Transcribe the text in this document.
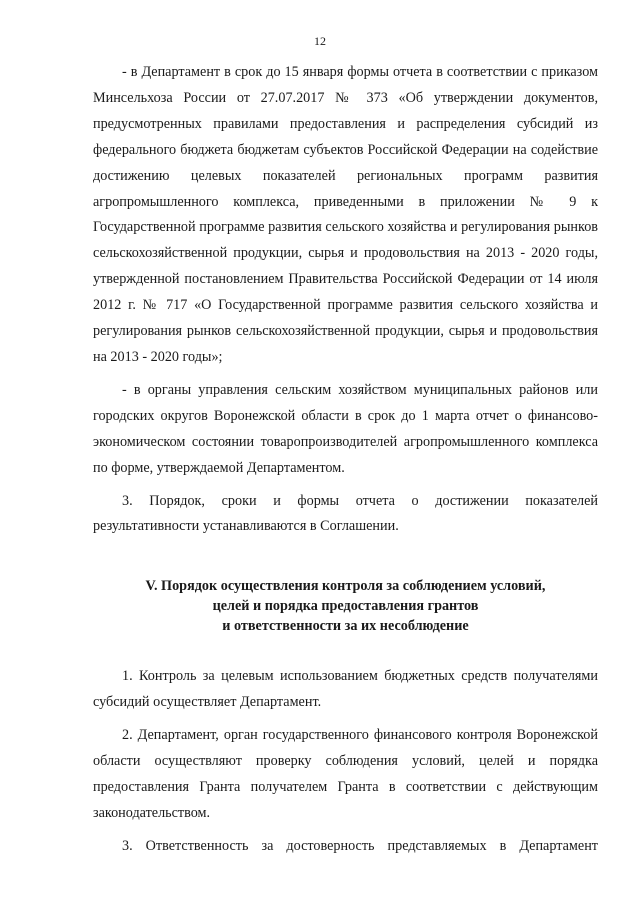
12

- в Департамент в срок до 15 января формы отчета в соответствии с приказом Минсельхоза России от 27.07.2017 № 373 «Об утверждении документов, предусмотренных правилами предоставления и распределения субсидий из федерального бюджета бюджетам субъектов Российской Федерации на содействие достижению целевых показателей региональных программ развития агропромышленного комплекса, приведенными в приложении № 9 к Государственной программе развития сельского хозяйства и регулирования рынков сельскохозяйственной продукции, сырья и продовольствия на 2013 - 2020 годы, утвержденной постановлением Правительства Российской Федерации от 14 июля 2012 г. № 717 «О Государственной программе развития сельского хозяйства и регулирования рынков сельскохозяйственной продукции, сырья и продовольствия на 2013 - 2020 годы»;

- в органы управления сельским хозяйством муниципальных районов или городских округов Воронежской области в срок до 1 марта отчет о финансово-экономическом состоянии товаропроизводителей агропромышленного комплекса по форме, утверждаемой Департаментом.

3. Порядок, сроки и формы отчета о достижении показателей результативности устанавливаются в Соглашении.

V. Порядок осуществления контроля за соблюдением условий,
целей и порядка предоставления грантов
и ответственности за их несоблюдение

1. Контроль за целевым использованием бюджетных средств получателями субсидий осуществляет Департамент.

2. Департамент, орган государственного финансового контроля Воронежской области осуществляют проверку соблюдения условий, целей и порядка предоставления Гранта получателем Гранта в соответствии с действующим законодательством.

3. Ответственность за достоверность представляемых в Департамент
